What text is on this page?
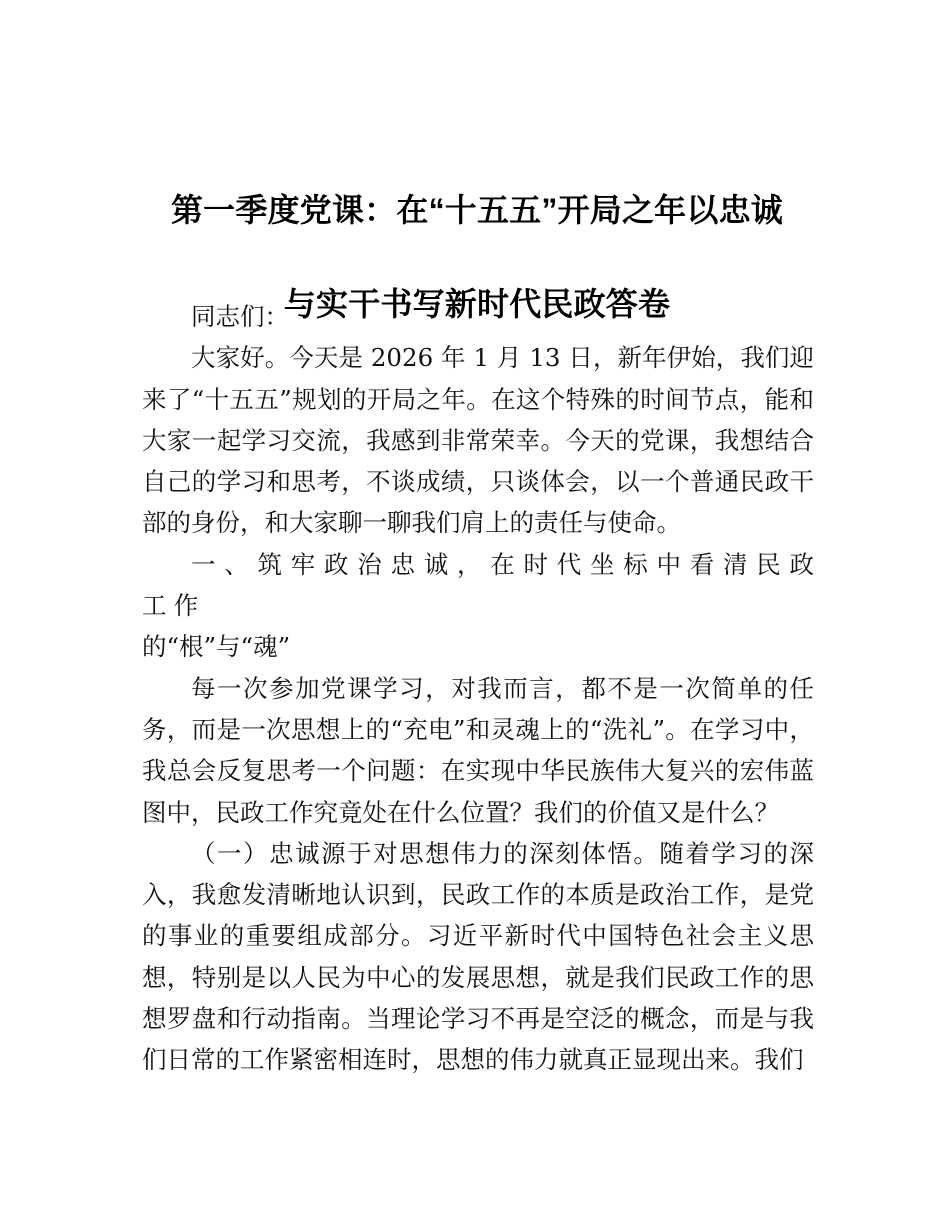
第一季度党课：在“十五五”开局之年以忠诚

与实干书写新时代民政答卷

同志们：

大家好。今天是 2026 年 1 月 13 日，新年伊始，我们迎来了“十五五”规划的开局之年。在这个特殊的时间节点，能和大家一起学习交流，我感到非常荣幸。今天的党课，我想结合自己的学习和思考，不谈成绩，只谈体会，以一个普通民政干部的身份，和大家聊一聊我们肩上的责任与使命。

一、筑牢政治忠诚，在时代坐标中看清民政工作
的“根”与“魂”

每一次参加党课学习，对我而言，都不是一次简单的任务，而是一次思想上的“充电”和灵魂上的“洗礼”。在学习中，我总会反复思考一个问题：在实现中华民族伟大复兴的宏伟蓝图中，民政工作究竟处在什么位置？我们的价值又是什么？

（一）忠诚源于对思想伟力的深刻体悟。随着学习的深入，我愈发清晰地认识到，民政工作的本质是政治工作，是党的事业的重要组成部分。习近平新时代中国特色社会主义思想，特别是以人民为中心的发展思想，就是我们民政工作的思想罗盘和行动指南。当理论学习不再是空泛的概念，而是与我们日常的工作紧密相连时，思想的伟力就真正显现出来。我们
